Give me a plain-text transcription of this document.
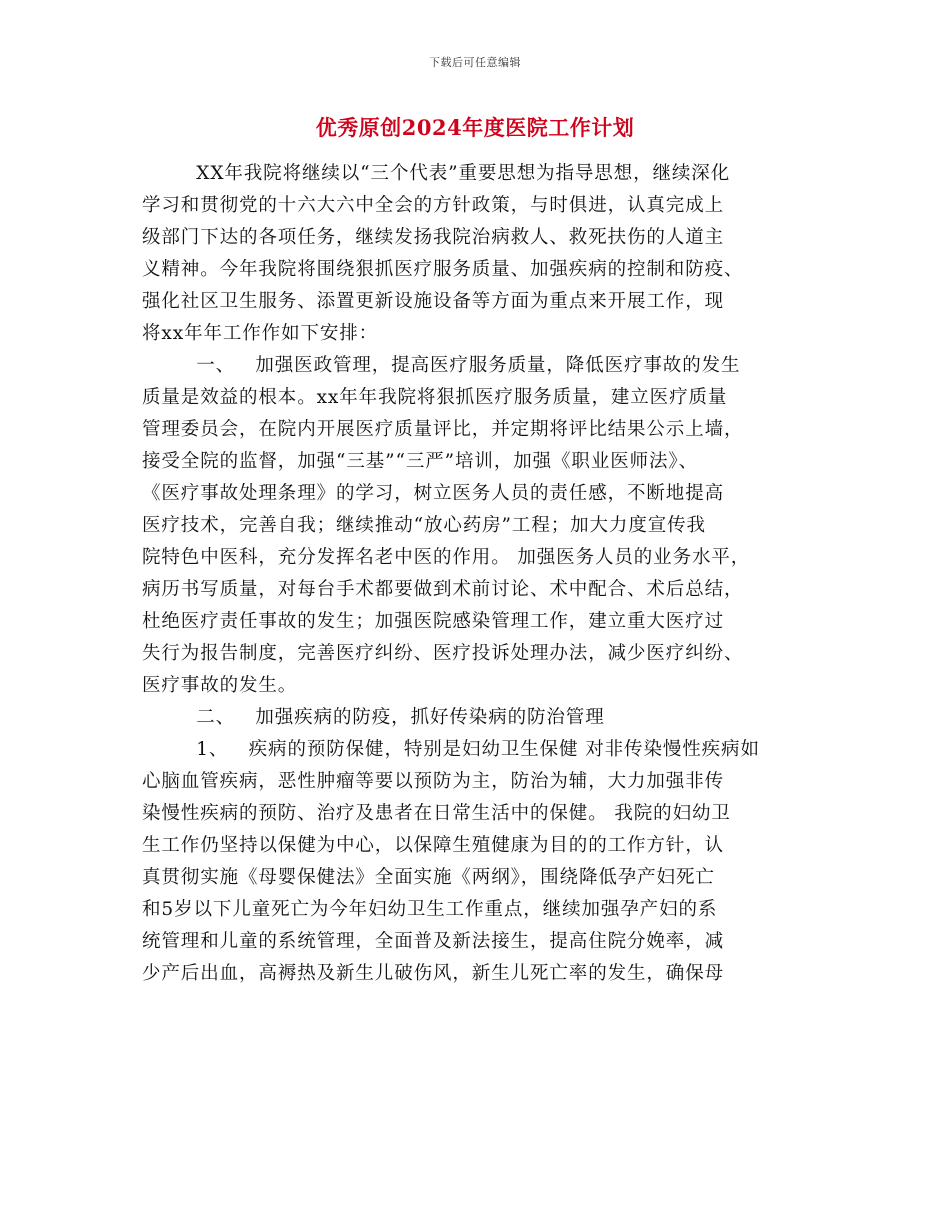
下载后可任意编辑
优秀原创2024年度医院工作计划
XX年我院将继续以“三个代表”重要思想为指导思想，继续深化
学习和贯彻党的十六大六中全会的方针政策，与时俱进，认真完成上
级部门下达的各项任务，继续发扬我院治病救人、救死扶伤的人道主
义精神。今年我院将围绕狠抓医疗服务质量、加强疾病的控制和防疫、
强化社区卫生服务、添置更新设施设备等方面为重点来开展工作，现
将xx年年工作作如下安排：
一、   加强医政管理，提高医疗服务质量，降低医疗事故的发生
质量是效益的根本。xx年年我院将狠抓医疗服务质量，建立医疗质量
管理委员会，在院内开展医疗质量评比，并定期将评比结果公示上墙，
接受全院的监督，加强“三基”“三严”培训，加强《职业医师法》、
《医疗事故处理条理》的学习，树立医务人员的责任感，不断地提高
医疗技术，完善自我；继续推动“放心药房”工程；加大力度宣传我
院特色中医科，充分发挥名老中医的作用。 加强医务人员的业务水平，
病历书写质量，对每台手术都要做到术前讨论、术中配合、术后总结，
杜绝医疗责任事故的发生；加强医院感染管理工作，建立重大医疗过
失行为报告制度，完善医疗纠纷、医疗投诉处理办法，减少医疗纠纷、
医疗事故的发生。
二、   加强疾病的防疫，抓好传染病的防治管理
1、   疾病的预防保健，特别是妇幼卫生保健 对非传染慢性疾病如
心脑血管疾病，恶性肿瘤等要以预防为主，防治为辅，大力加强非传
染慢性疾病的预防、治疗及患者在日常生活中的保健。 我院的妇幼卫
生工作仍坚持以保健为中心，以保障生殖健康为目的的工作方针，认
真贯彻实施《母婴保健法》全面实施《两纲》，围绕降低孕产妇死亡
和5岁以下儿童死亡为今年妇幼卫生工作重点，继续加强孕产妇的系
统管理和儿童的系统管理，全面普及新法接生，提高住院分娩率，减
少产后出血，高褥热及新生儿破伤风，新生儿死亡率的发生，确保母
